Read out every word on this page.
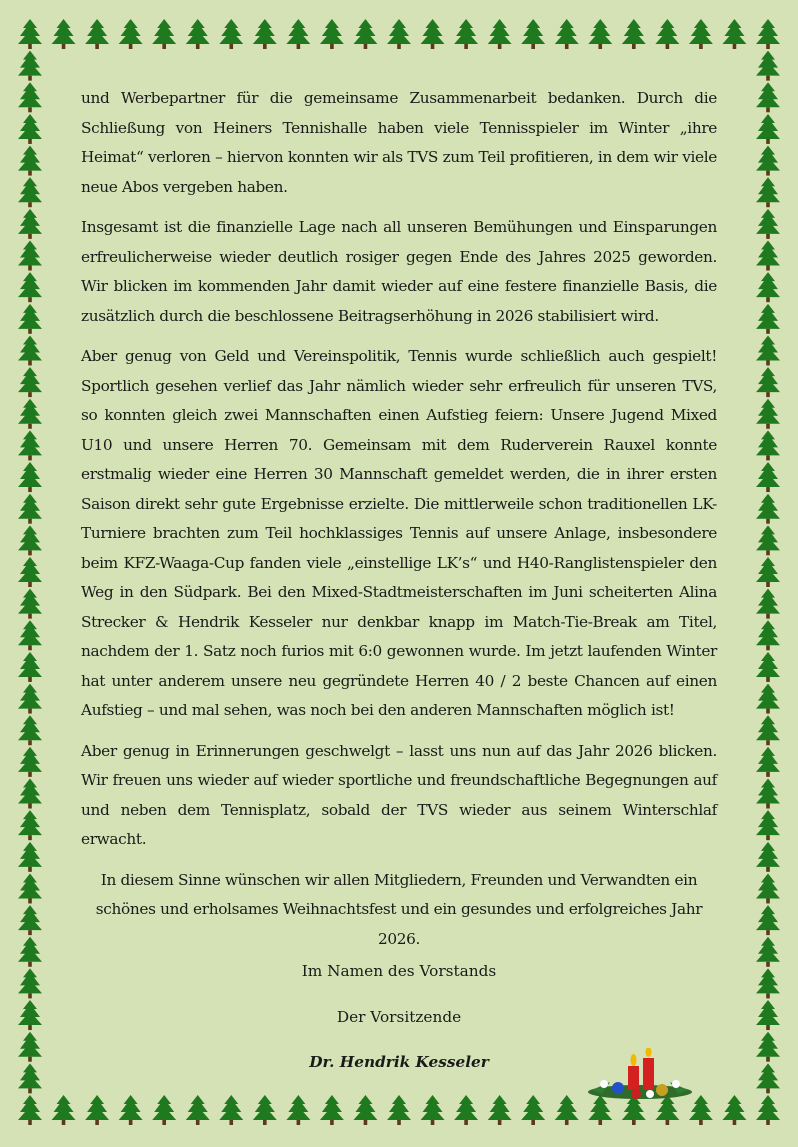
und Werbepartner für die gemeinsame Zusammenarbeit bedanken. Durch die Schließung von Heiners Tennishalle haben viele Tennisspieler im Winter „ihre Heimat“ verloren – hiervon konnten wir als TVS zum Teil profitieren, in dem wir viele neue Abos vergeben haben.

Insgesamt ist die finanzielle Lage nach all unseren Bemühungen und Einsparungen erfreulicherweise wieder deutlich rosiger gegen Ende des Jahres 2025 geworden. Wir blicken im kommenden Jahr damit wieder auf eine festere finanzielle Basis, die zusätzlich durch die beschlossene Beitragserhöhung in 2026 stabilisiert wird.

Aber genug von Geld und Vereinspolitik, Tennis wurde schließlich auch gespielt! Sportlich gesehen verlief das Jahr nämlich wieder sehr erfreulich für unseren TVS, so konnten gleich zwei Mannschaften einen Aufstieg feiern: Unsere Jugend Mixed U10 und unsere Herren 70. Gemeinsam mit dem Ruderverein Rauxel konnte erstmalig wieder eine Herren 30 Mannschaft gemeldet werden, die in ihrer ersten Saison direkt sehr gute Ergebnisse erzielte. Die mittlerweile schon traditionellen LK-Turniere brachten zum Teil hochklassiges Tennis auf unsere Anlage, insbesondere beim KFZ-Waaga-Cup fanden viele „einstellige LK’s“ und H40-Ranglistenspieler den Weg in den Südpark. Bei den Mixed-Stadtmeisterschaften im Juni scheiterten Alina Strecker & Hendrik Kesseler nur denkbar knapp im Match-Tie-Break am Titel, nachdem der 1. Satz noch furios mit 6:0 gewonnen wurde. Im jetzt laufenden Winter hat unter anderem unsere neu gegründete Herren 40 / 2 beste Chancen auf einen Aufstieg – und mal sehen, was noch bei den anderen Mannschaften möglich ist!

Aber genug in Erinnerungen geschwelgt – lasst uns nun auf das Jahr 2026 blicken. Wir freuen uns wieder auf wieder sportliche und freundschaftliche Begegnungen auf und neben dem Tennisplatz, sobald der TVS wieder aus seinem Winterschlaf erwacht.

In diesem Sinne wünschen wir allen Mitgliedern, Freunden und Verwandten ein schönes und erholsames Weihnachtsfest und ein gesundes und erfolgreiches Jahr 2026.

Im Namen des Vorstands
Der Vorsitzende
Dr. Hendrik Kesseler
